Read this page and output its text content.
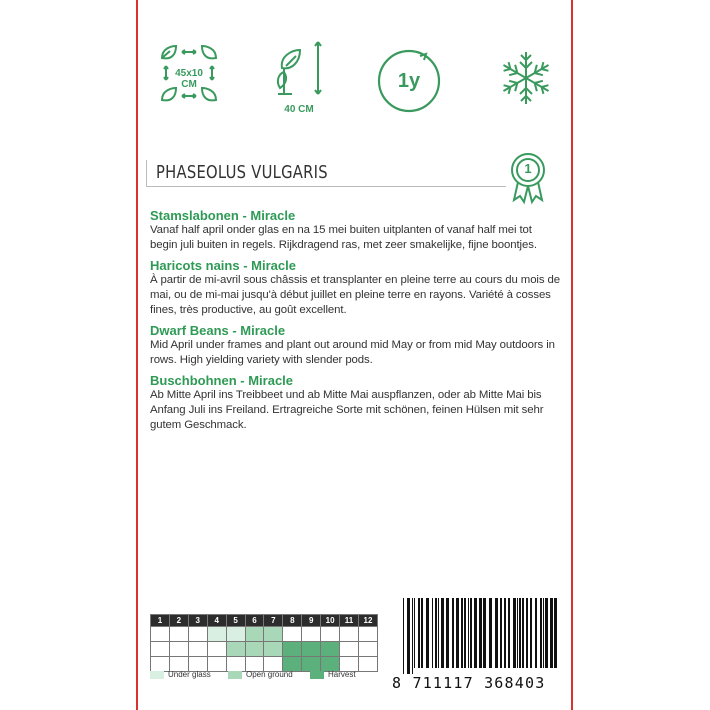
45x10
CM
40 CM
1y
PHASEOLUS VULGARIS	1
Stamslabonen - Miracle

Vanaf half april onder glas en na 15 mei buiten uitplanten of vanaf half mei tot begin juli buiten in regels. Rijkdragend ras, met zeer smakelijke, fijne boontjes.

Haricots nains - Miracle

À partir de mi-avril sous châssis et transplanter en pleine terre au cours du mois de mai, ou de mi-mai jusqu'à début juillet en pleine terre en rayons. Variété à cosses fines, très productive, au goût excellent.

Dwarf Beans - Miracle

Mid April under frames and plant out around mid May or from mid May outdoors in rows. High yielding variety with slender pods.

Buschbohnen - Miracle

Ab Mitte April ins Treibbeet und ab Mitte Mai auspflanzen, oder ab Mitte Mai bis Anfang Juli ins Freiland. Ertragreiche Sorte mit schönen, feinen Hülsen mit sehr gutem Geschmack.

1	2	3	4	5	6	7	8	9	10	11	12

Under glass	Open ground	Harvest 8 711117 368403
